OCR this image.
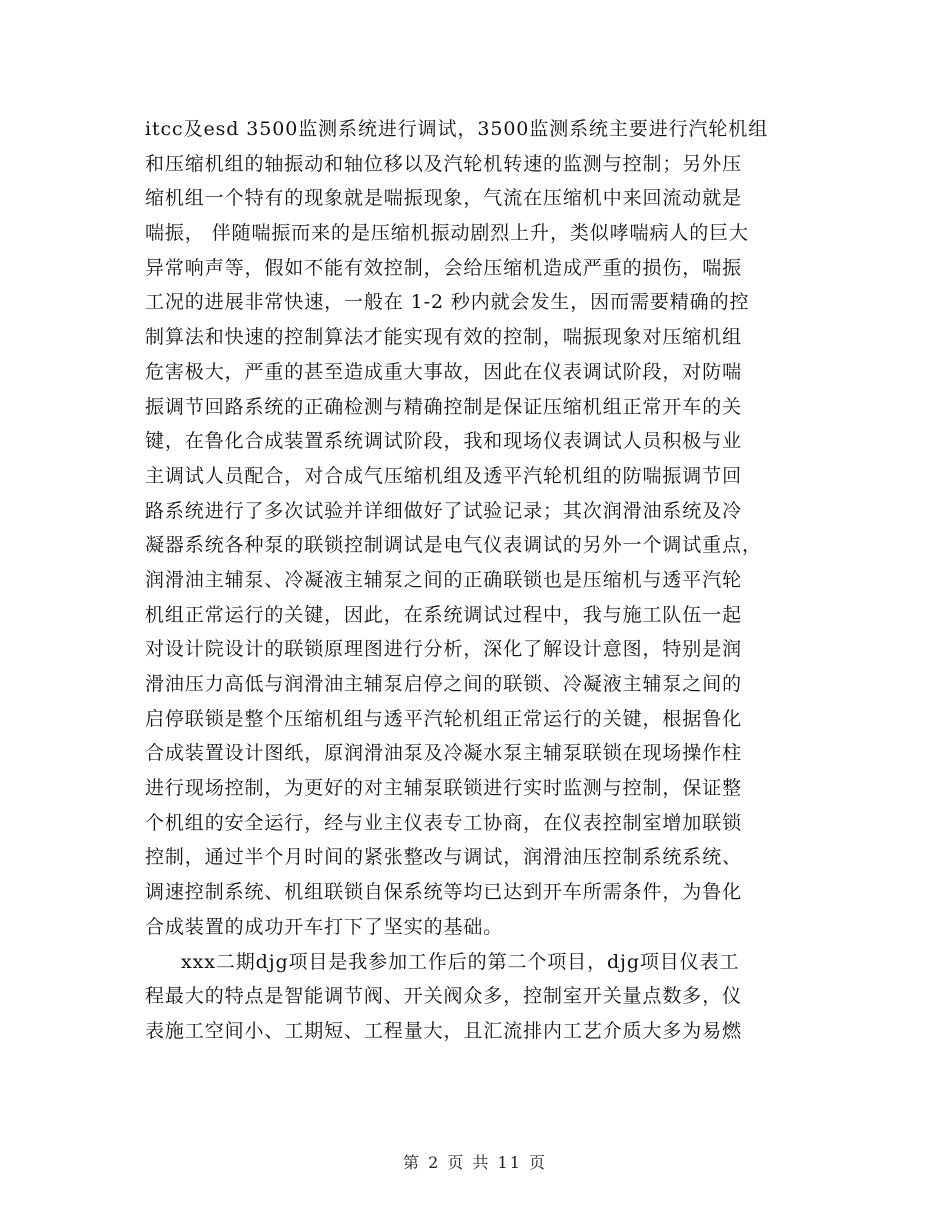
itcc及esd 3500监测系统进行调试，3500监测系统主要进行汽轮机组
和压缩机组的轴振动和轴位移以及汽轮机转速的监测与控制；另外压
缩机组一个特有的现象就是喘振现象，气流在压缩机中来回流动就是
喘振， 伴随喘振而来的是压缩机振动剧烈上升，类似哮喘病人的巨大
异常响声等，假如不能有效控制，会给压缩机造成严重的损伤，喘振
工况的进展非常快速，一般在 1-2 秒内就会发生，因而需要精确的控
制算法和快速的控制算法才能实现有效的控制，喘振现象对压缩机组
危害极大，严重的甚至造成重大事故，因此在仪表调试阶段，对防喘
振调节回路系统的正确检测与精确控制是保证压缩机组正常开车的关
键，在鲁化合成装置系统调试阶段，我和现场仪表调试人员积极与业
主调试人员配合，对合成气压缩机组及透平汽轮机组的防喘振调节回
路系统进行了多次试验并详细做好了试验记录；其次润滑油系统及冷
凝器系统各种泵的联锁控制调试是电气仪表调试的另外一个调试重点，
润滑油主辅泵、冷凝液主辅泵之间的正确联锁也是压缩机与透平汽轮
机组正常运行的关键，因此，在系统调试过程中，我与施工队伍一起
对设计院设计的联锁原理图进行分析，深化了解设计意图，特别是润
滑油压力高低与润滑油主辅泵启停之间的联锁、冷凝液主辅泵之间的
启停联锁是整个压缩机组与透平汽轮机组正常运行的关键，根据鲁化
合成装置设计图纸，原润滑油泵及冷凝水泵主辅泵联锁在现场操作柱
进行现场控制，为更好的对主辅泵联锁进行实时监测与控制，保证整
个机组的安全运行，经与业主仪表专工协商，在仪表控制室增加联锁
控制，通过半个月时间的紧张整改与调试，润滑油压控制系统系统、
调速控制系统、机组联锁自保系统等均已达到开车所需条件，为鲁化
合成装置的成功开车打下了坚实的基础。
xxx二期djg项目是我参加工作后的第二个项目，djg项目仪表工
程最大的特点是智能调节阀、开关阀众多，控制室开关量点数多，仪
表施工空间小、工期短、工程量大，且汇流排内工艺介质大多为易燃
第 2 页 共 11 页
